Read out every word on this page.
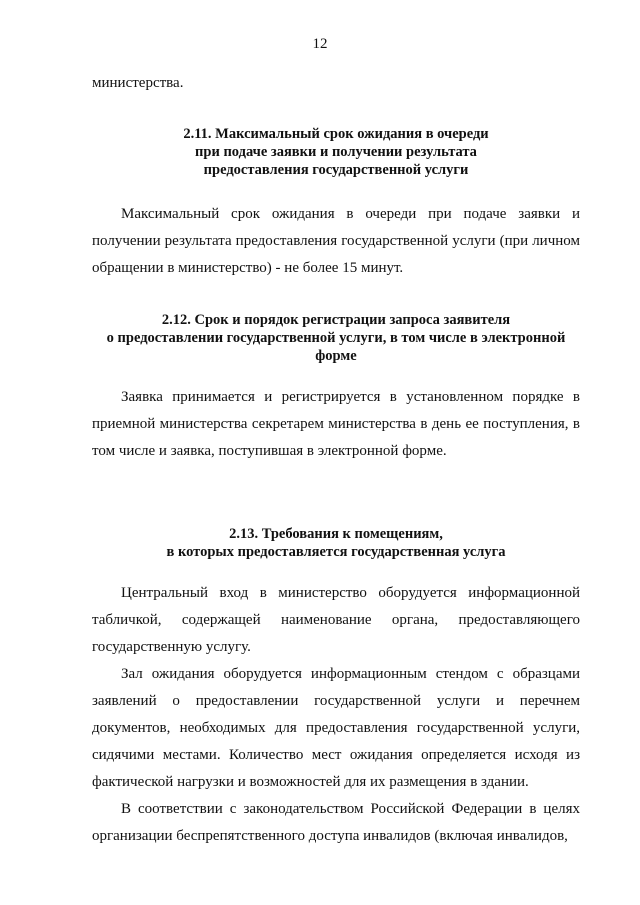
12

министерства.

2.11. Максимальный срок ожидания в очереди
при подаче заявки и получении результата
предоставления государственной услуги

Максимальный срок ожидания в очереди при подаче заявки и получении результата предоставления государственной услуги (при личном обращении в министерство) - не более 15 минут.

2.12. Срок и порядок регистрации запроса заявителя
о предоставлении государственной услуги, в том числе в электронной
форме

Заявка принимается и регистрируется в установленном порядке в приемной министерства секретарем министерства в день ее поступления, в том числе и заявка, поступившая в электронной форме.

2.13. Требования к помещениям,
в которых предоставляется государственная услуга

Центральный вход в министерство оборудуется информационной табличкой, содержащей наименование органа, предоставляющего государственную услугу.

Зал ожидания оборудуется информационным стендом с образцами заявлений о предоставлении государственной услуги и перечнем документов, необходимых для предоставления государственной услуги, сидячими местами. Количество мест ожидания определяется исходя из фактической нагрузки и возможностей для их размещения в здании.

В соответствии с законодательством Российской Федерации в целях организации беспрепятственного доступа инвалидов (включая инвалидов,
